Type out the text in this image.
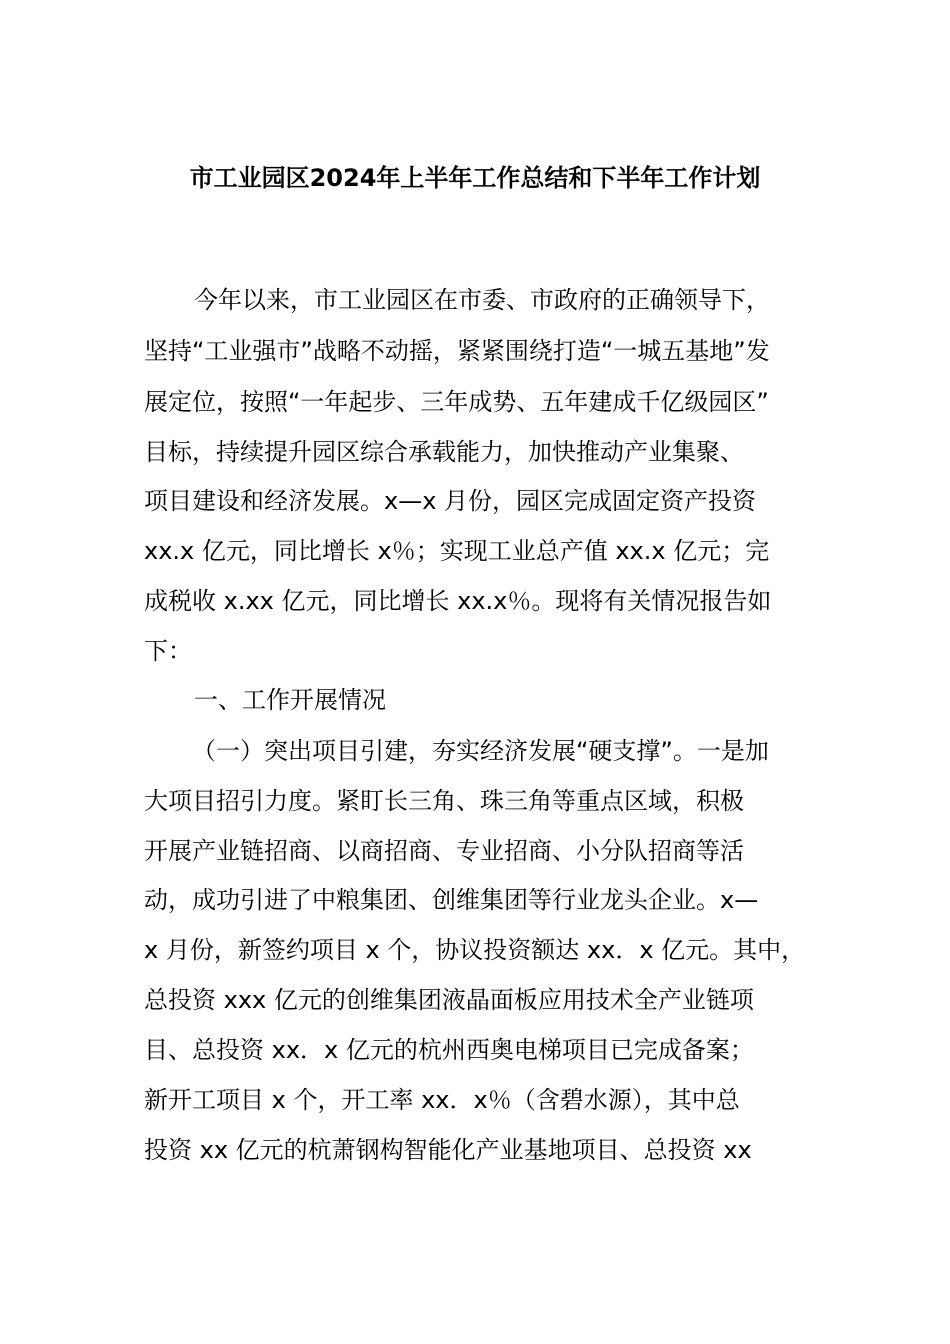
市工业园区2024年上半年工作总结和下半年工作计划
今年以来，市工业园区在市委、市政府的正确领导下，
坚持“工业强市”战略不动摇，紧紧围绕打造“一城五基地”发
展定位，按照“一年起步、三年成势、五年建成千亿级园区”
目标，持续提升园区综合承载能力，加快推动产业集聚、
项目建设和经济发展。x—x 月份，园区完成固定资产投资
xx.x 亿元，同比增长 x％；实现工业总产值 xx.x 亿元；完
成税收 x.xx 亿元，同比增长 xx.x％。现将有关情况报告如
下：
一、工作开展情况
（一）突出项目引建，夯实经济发展“硬支撑”。一是加
大项目招引力度。紧盯长三角、珠三角等重点区域，积极
开展产业链招商、以商招商、专业招商、小分队招商等活
动，成功引进了中粮集团、创维集团等行业龙头企业。x—
x 月份，新签约项目 x 个，协议投资额达 xx．x 亿元。其中，
总投资 xxx 亿元的创维集团液晶面板应用技术全产业链项
目、总投资 xx．x 亿元的杭州西奥电梯项目已完成备案；
新开工项目 x 个，开工率 xx．x％（含碧水源），其中总
投资 xx 亿元的杭萧钢构智能化产业基地项目、总投资 xx
